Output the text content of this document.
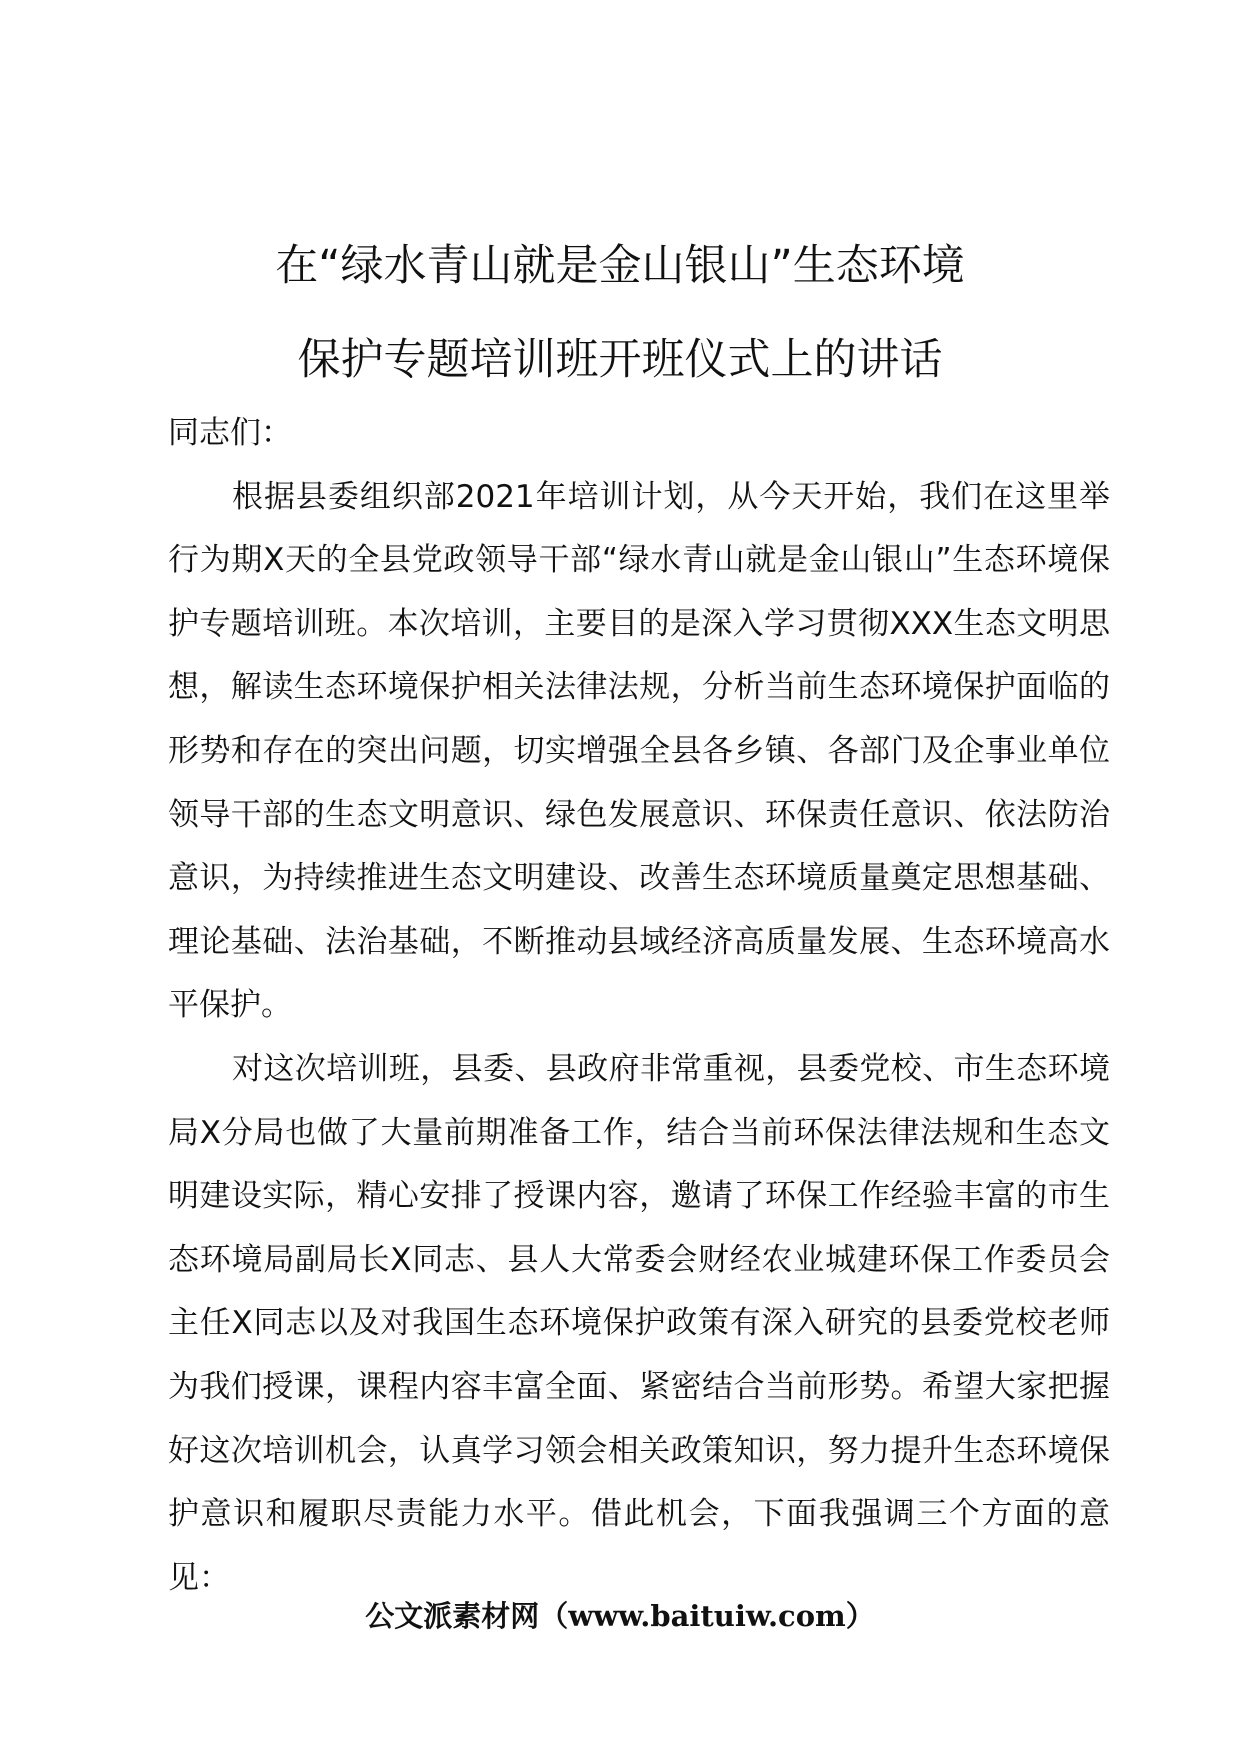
在“绿水青山就是金山银山”生态环境
保护专题培训班开班仪式上的讲话

同志们：

根据县委组织部2021年培训计划，从今天开始，我们在这里举行为期X天的全县党政领导干部“绿水青山就是金山银山”生态环境保护专题培训班。本次培训，主要目的是深入学习贯彻XXX生态文明思想，解读生态环境保护相关法律法规，分析当前生态环境保护面临的形势和存在的突出问题，切实增强全县各乡镇、各部门及企事业单位领导干部的生态文明意识、绿色发展意识、环保责任意识、依法防治意识，为持续推进生态文明建设、改善生态环境质量奠定思想基础、理论基础、法治基础，不断推动县域经济高质量发展、生态环境高水平保护。

对这次培训班，县委、县政府非常重视，县委党校、市生态环境局X分局也做了大量前期准备工作，结合当前环保法律法规和生态文明建设实际，精心安排了授课内容，邀请了环保工作经验丰富的市生态环境局副局长X同志、县人大常委会财经农业城建环保工作委员会主任X同志以及对我国生态环境保护政策有深入研究的县委党校老师为我们授课，课程内容丰富全面、紧密结合当前形势。希望大家把握好这次培训机会，认真学习领会相关政策知识，努力提升生态环境保护意识和履职尽责能力水平。借此机会，下面我强调三个方面的意见：

公文派素材网（www.baituiw.com）
